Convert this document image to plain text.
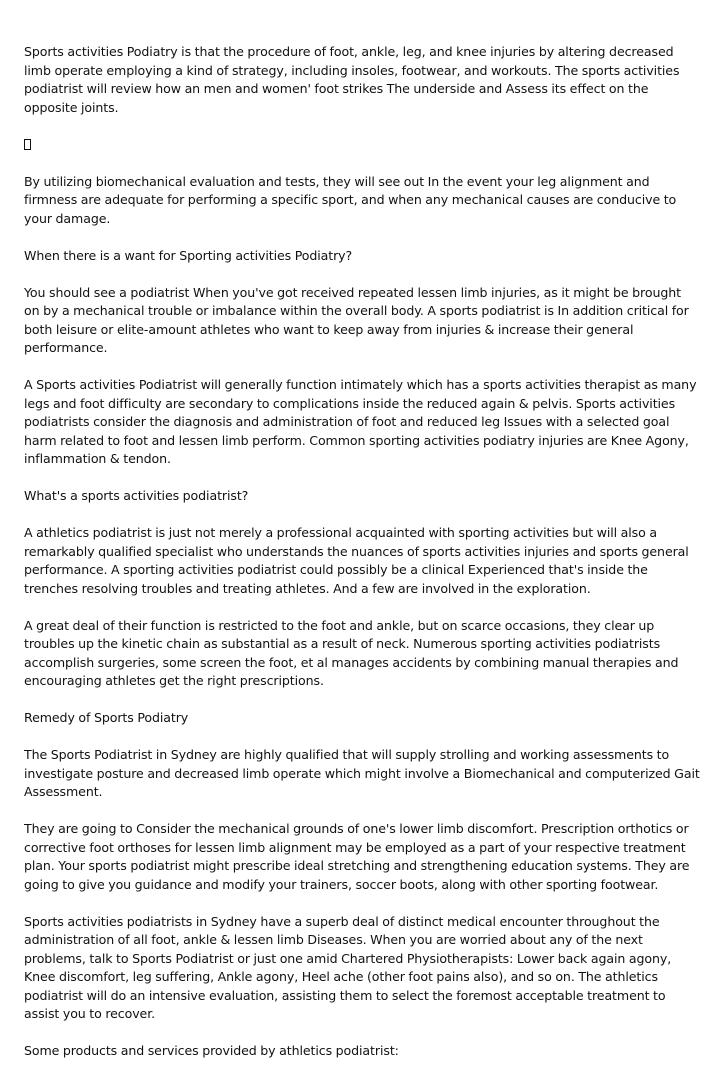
Sports activities Podiatry is that the procedure of foot, ankle, leg, and knee injuries by altering decreased limb operate employing a kind of strategy, including insoles, footwear, and workouts. The sports activities podiatrist will review how an men and women' foot strikes The underside and Assess its effect on the opposite joints.

By utilizing biomechanical evaluation and tests, they will see out In the event your leg alignment and firmness are adequate for performing a specific sport, and when any mechanical causes are conducive to your damage.

When there is a want for Sporting activities Podiatry?

You should see a podiatrist When you've got received repeated lessen limb injuries, as it might be brought on by a mechanical trouble or imbalance within the overall body. A sports podiatrist is In addition critical for both leisure or elite-amount athletes who want to keep away from injuries & increase their general performance.

A Sports activities Podiatrist will generally function intimately which has a sports activities therapist as many legs and foot difficulty are secondary to complications inside the reduced again & pelvis. Sports activities podiatrists consider the diagnosis and administration of foot and reduced leg Issues with a selected goal harm related to foot and lessen limb perform. Common sporting activities podiatry injuries are Knee Agony, inflammation & tendon.

What's a sports activities podiatrist?

A athletics podiatrist is just not merely a professional acquainted with sporting activities but will also a remarkably qualified specialist who understands the nuances of sports activities injuries and sports general performance. A sporting activities podiatrist could possibly be a clinical Experienced that's inside the trenches resolving troubles and treating athletes. And a few are involved in the exploration.

A great deal of their function is restricted to the foot and ankle, but on scarce occasions, they clear up troubles up the kinetic chain as substantial as a result of neck. Numerous sporting activities podiatrists accomplish surgeries, some screen the foot, et al manages accidents by combining manual therapies and encouraging athletes get the right prescriptions.

Remedy of Sports Podiatry

The Sports Podiatrist in Sydney are highly qualified that will supply strolling and working assessments to investigate posture and decreased limb operate which might involve a Biomechanical and computerized Gait Assessment.

They are going to Consider the mechanical grounds of one's lower limb discomfort. Prescription orthotics or corrective foot orthoses for lessen limb alignment may be employed as a part of your respective treatment plan. Your sports podiatrist might prescribe ideal stretching and strengthening education systems. They are going to give you guidance and modify your trainers, soccer boots, along with other sporting footwear.

Sports activities podiatrists in Sydney have a superb deal of distinct medical encounter throughout the administration of all foot, ankle & lessen limb Diseases. When you are worried about any of the next problems, talk to Sports Podiatrist or just one amid Chartered Physiotherapists: Lower back again agony, Knee discomfort, leg suffering, Ankle agony, Heel ache (other foot pains also), and so on. The athletics podiatrist will do an intensive evaluation, assisting them to select the foremost acceptable treatment to assist you to recover.

Some products and services provided by athletics podiatrist:
